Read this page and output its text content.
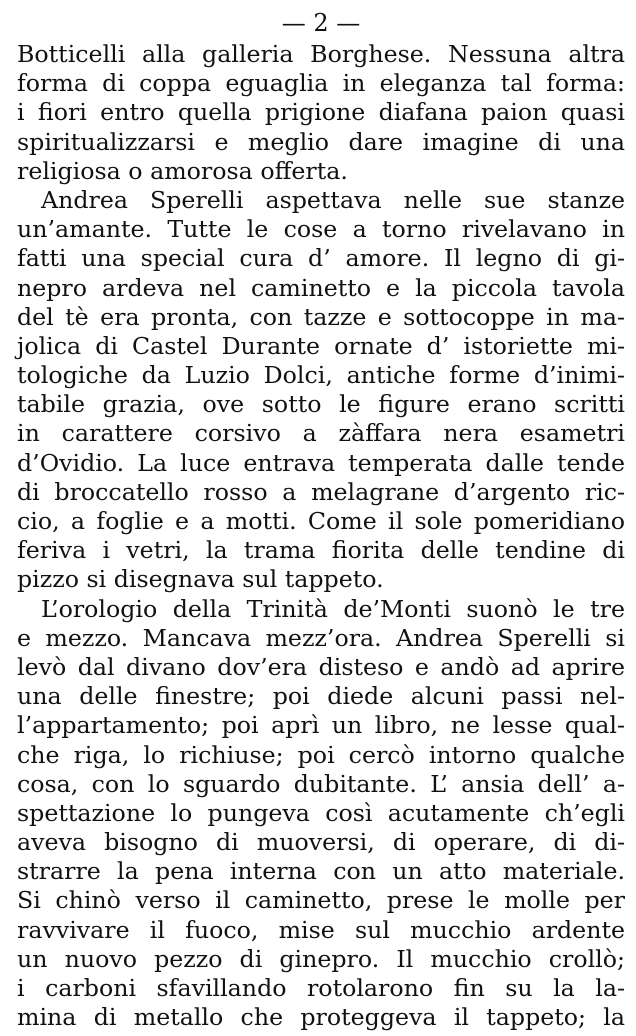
— 2 —
Botticelli alla galleria Borghese. Nessuna altra
forma di coppa eguaglia in eleganza tal forma:
i fiori entro quella prigione diafana paion quasi
spiritualizzarsi e meglio dare imagine di una
religiosa o amorosa offerta.
Andrea Sperelli aspettava nelle sue stanze
un’amante. Tutte le cose a torno rivelavano in
fatti una special cura d’ amore. Il legno di gi-
nepro ardeva nel caminetto e la piccola tavola
del tè era pronta, con tazze e sottocoppe in ma-
jolica di Castel Durante ornate d’ istoriette mi-
tologiche da Luzio Dolci, antiche forme d’inimi-
tabile grazia, ove sotto le figure erano scritti
in carattere corsivo a zàffara nera esametri
d’Ovidio. La luce entrava temperata dalle tende
di broccatello rosso a melagrane d’argento ric-
cio, a foglie e a motti. Come il sole pomeridiano
feriva i vetri, la trama fiorita delle tendine di
pizzo si disegnava sul tappeto.
L’orologio della Trinità de’Monti suonò le tre
e mezzo. Mancava mezz’ora. Andrea Sperelli si
levò dal divano dov’era disteso e andò ad aprire
una delle finestre; poi diede alcuni passi nel-
l’appartamento; poi aprì un libro, ne lesse qual-
che riga, lo richiuse; poi cercò intorno qualche
cosa, con lo sguardo dubitante. L’ ansia dell’ a-
spettazione lo pungeva così acutamente ch’egli
aveva bisogno di muoversi, di operare, di di-
strarre la pena interna con un atto materiale.
Si chinò verso il caminetto, prese le molle per
ravvivare il fuoco, mise sul mucchio ardente
un nuovo pezzo di ginepro. Il mucchio crollò;
i carboni sfavillando rotolarono fin su la la-
mina di metallo che proteggeva il tappeto; la
